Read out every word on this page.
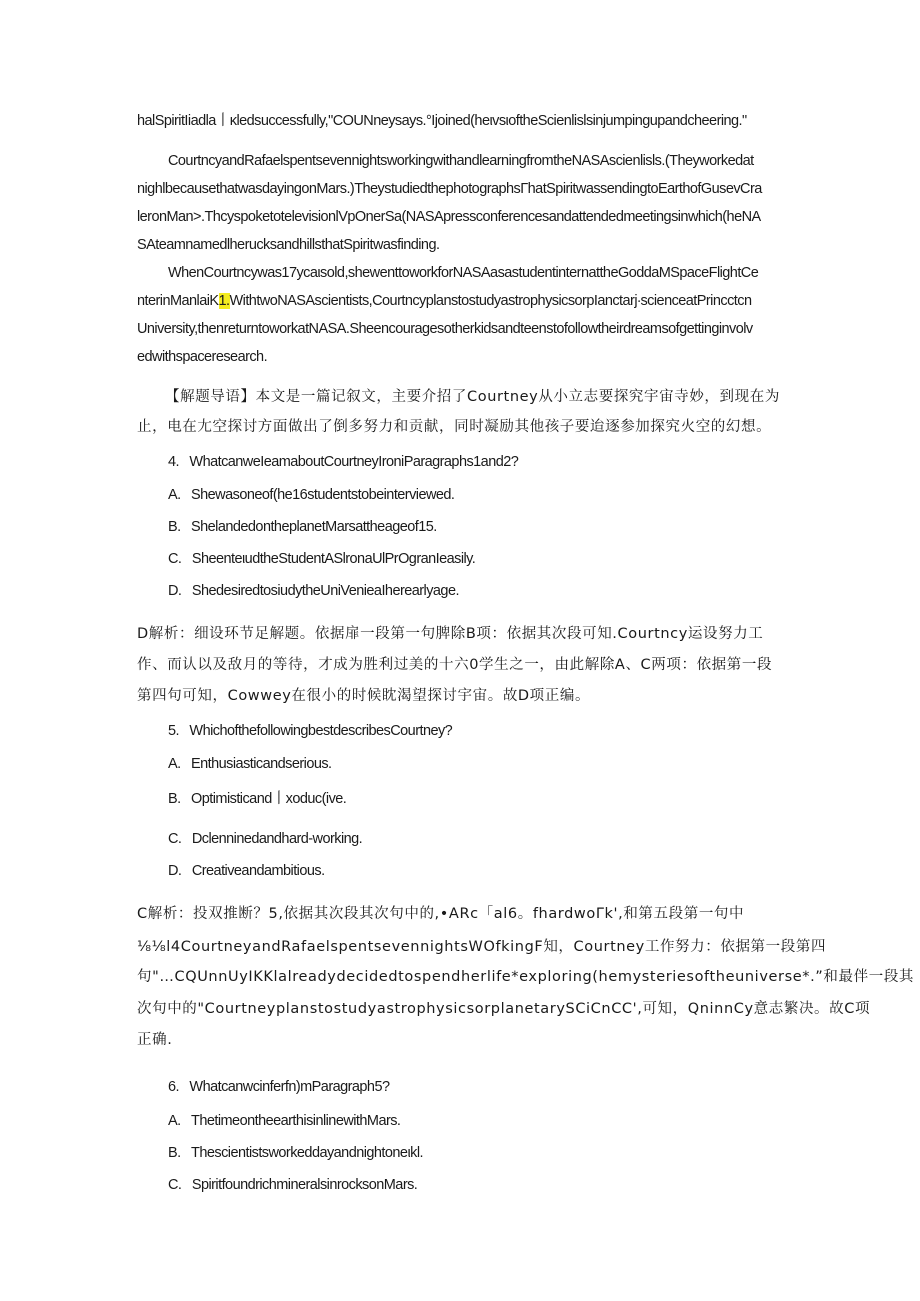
halSpiritIiadla丨κledsuccessfully,"COUNneysays.°Ijoined(heιvsιoftheScienlislsinjumpingupandcheering."
CourtncyandRafaelspentsevennightsworkingwithandlearningfromtheNASAscienlisls.(Theyworkedat
nighlbecausethatwasdayingonMars.)TheystudiedthephotographsΓhatSpiritwassendingtoEarthofGusevCra
leronMan>.ThcyspoketotelevisionlVpOnerSa(NASApressconferencesandattendedmeetingsinwhich(heNA
SAteamnamedlherucksandhillsthatSpiritwasfinding.
WhenCourtncywas17ycaιsold,shewenttoworkforNASAasastudentinternattheGoddaMSpaceFlightCe
nterinManlaiK1.WithtwoNASAscientists,CourtncyplanstostudyastrophysicsorpΙanctarj∙scienceatPrincctcn
University,thenreturntoworkatNASA.Sheencouragesotherkidsandteenstofollowtheirdreamsofgettinginvolv
edwithspaceresearch.
【解题导语】本文是一篇记叙文，主要介招了Courtney从小立志要探究宇宙寺妙，到现在为
止，电在尢空探讨方面做出了倒多努力和贡献，同时凝励其他孩子要迨逐参加探究火空的幻想。
4.   WhatcanweIeamaboutCourtneyIroniParagraphs1and2?
A.   Shewasoneof(he16studentstobeinterviewed.
B.   ShelandedontheplanetMarsattheageof15.
C.   SheenteιudtheStudentASlronaUlPrOgranIeasily.
D.   ShedesiredtosiudytheUniVenieaIherearlyage.
D解析：细设环节足解题。依据扉一段第一句脾除B项：依据其次段可知.Courtncy运设努力工
作、而认以及敌月的等待，才成为胜利过美的十六0学生之一，由此解除A、C两项：依据第一段
第四句可知，Cowwey在很小的时候眈渴望探讨宇宙。故D项正编。
5.   WhichofthefollowingbestdescribesCourtney?
A.   Enthusiasticandserious.
B.   Optimisticand丨xoduc(ive.
C.   Dclennineda​ndhard-working.
D.   Creativeandambitious.
C解析：投双推断？5,依据其次段其次句中的,•ARc「al6。fhardwoΓk',和第五段第一句中
⅛⅛l4CourtneyandRafaelspentsevennightsWOfkingF知，Courtney工作努力：依据第一段第四
句"…CQUnnUyIKKlalreadydecidedtospendherlife*exploring(hemysteriesoftheuniverse*.”和最伴一段其
次句中的"CourtneyplanstostudyastrophysicsorplanetarySCiCnCC',可知，QninnCy意志繁决。故C项
正确.
6.   Whatcanwcinferfn)mParagraph5?
A.   Thetimeontheearthisinlinewith​Mars.
B.   Thescientistsworkeddayandnightoneιkl.
C.   SpiritfoundrichmineralsinrocksonMars.
